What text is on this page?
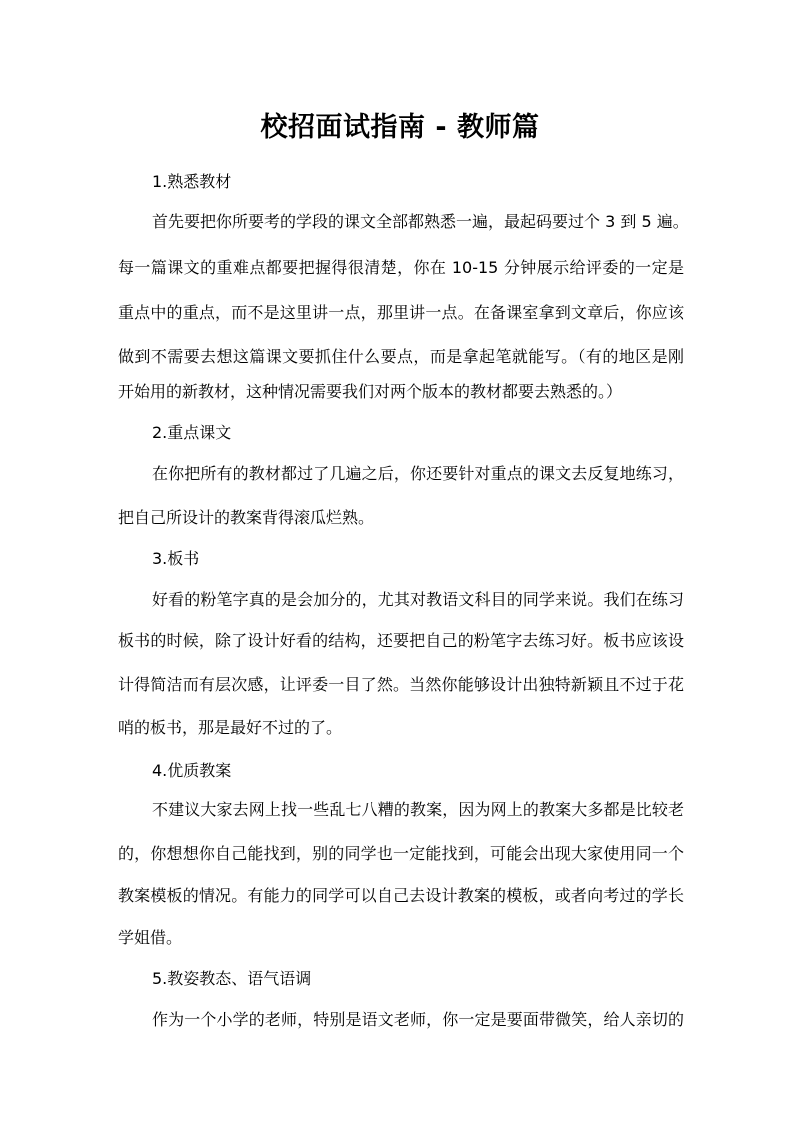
校招面试指南 - 教师篇
1.熟悉教材
首先要把你所要考的学段的课文全部都熟悉一遍，最起码要过个 3 到 5 遍。
每一篇课文的重难点都要把握得很清楚，你在 10-15 分钟展示给评委的一定是
重点中的重点，而不是这里讲一点，那里讲一点。在备课室拿到文章后，你应该
做到不需要去想这篇课文要抓住什么要点，而是拿起笔就能写。（有的地区是刚
开始用的新教材，这种情况需要我们对两个版本的教材都要去熟悉的。）
2.重点课文
在你把所有的教材都过了几遍之后，你还要针对重点的课文去反复地练习，
把自己所设计的教案背得滚瓜烂熟。
3.板书
好看的粉笔字真的是会加分的，尤其对教语文科目的同学来说。我们在练习
板书的时候，除了设计好看的结构，还要把自己的粉笔字去练习好。板书应该设
计得简洁而有层次感，让评委一目了然。当然你能够设计出独特新颖且不过于花
哨的板书，那是最好不过的了。
4.优质教案
不建议大家去网上找一些乱七八糟的教案，因为网上的教案大多都是比较老
的，你想想你自己能找到，别的同学也一定能找到，可能会出现大家使用同一个
教案模板的情况。有能力的同学可以自己去设计教案的模板，或者向考过的学长
学姐借。
5.教姿教态、语气语调
作为一个小学的老师，特别是语文老师，你一定是要面带微笑，给人亲切的
